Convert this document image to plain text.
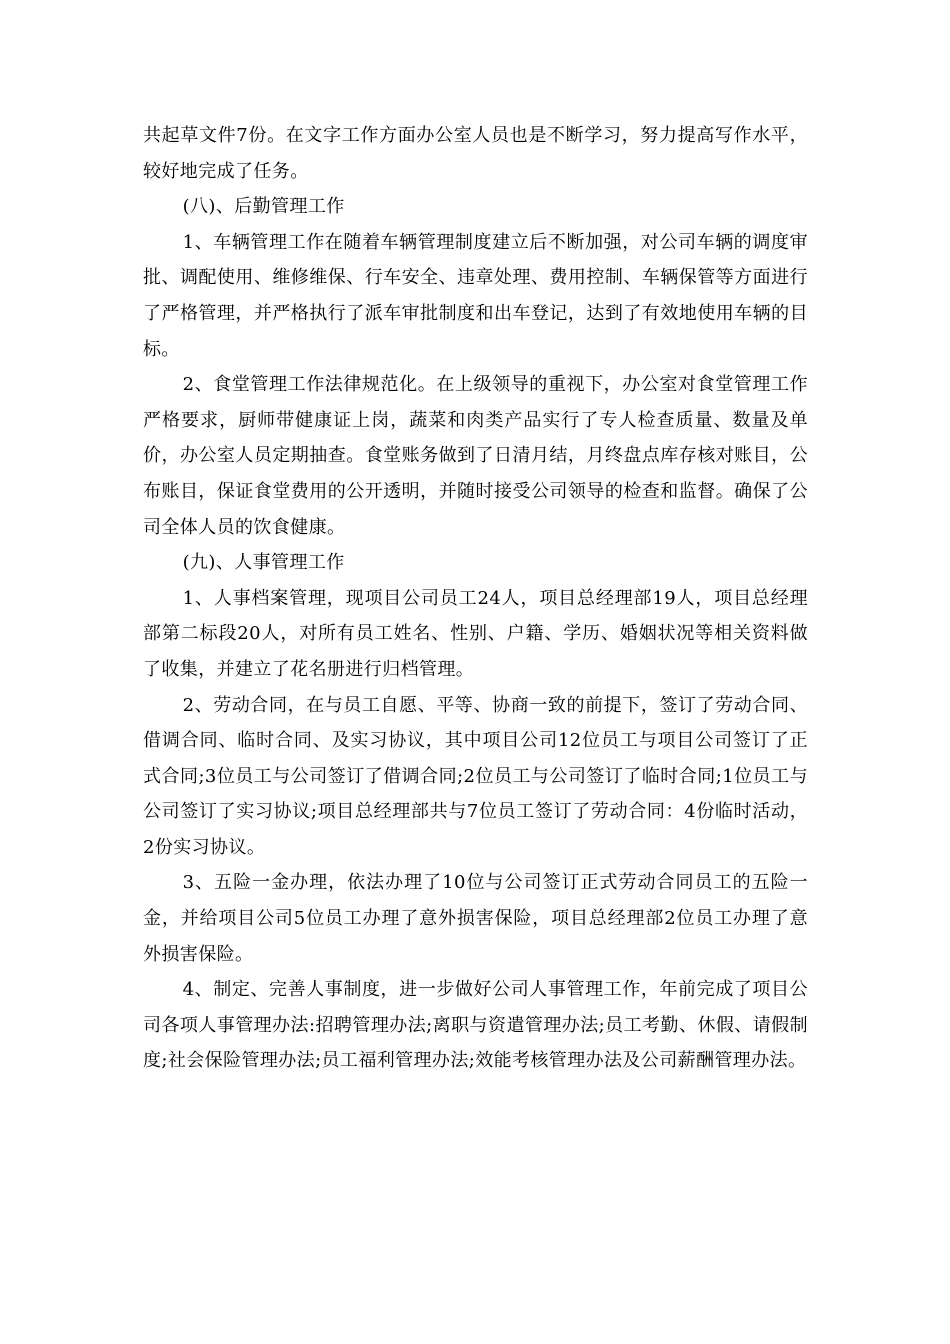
共起草文件7份。在文字工作方面办公室人员也是不断学习，努力提高写作水平，较好地完成了任务。

(八)、后勤管理工作

1、车辆管理工作在随着车辆管理制度建立后不断加强，对公司车辆的调度审批、调配使用、维修维保、行车安全、违章处理、费用控制、车辆保管等方面进行了严格管理，并严格执行了派车审批制度和出车登记，达到了有效地使用车辆的目标。

2、食堂管理工作法律规范化。在上级领导的重视下，办公室对食堂管理工作严格要求，厨师带健康证上岗，蔬菜和肉类产品实行了专人检查质量、数量及单价，办公室人员定期抽查。食堂账务做到了日清月结，月终盘点库存核对账目，公布账目，保证食堂费用的公开透明，并随时接受公司领导的检查和监督。确保了公司全体人员的饮食健康。

(九)、人事管理工作

1、人事档案管理，现项目公司员工24人，项目总经理部19人，项目总经理部第二标段20人，对所有员工姓名、性别、户籍、学历、婚姻状况等相关资料做了收集，并建立了花名册进行归档管理。

2、劳动合同，在与员工自愿、平等、协商一致的前提下，签订了劳动合同、借调合同、临时合同、及实习协议，其中项目公司12位员工与项目公司签订了正式合同;3位员工与公司签订了借调合同;2位员工与公司签订了临时合同;1位员工与公司签订了实习协议;项目总经理部共与7位员工签订了劳动合同：4份临时活动，2份实习协议。

3、五险一金办理，依法办理了10位与公司签订正式劳动合同员工的五险一金，并给项目公司5位员工办理了意外损害保险，项目总经理部2位员工办理了意外损害保险。

4、制定、完善人事制度，进一步做好公司人事管理工作，年前完成了项目公司各项人事管理办法:招聘管理办法;离职与资遣管理办法;员工考勤、休假、请假制度;社会保险管理办法;员工福利管理办法;效能考核管理办法及公司薪酬管理办法。
